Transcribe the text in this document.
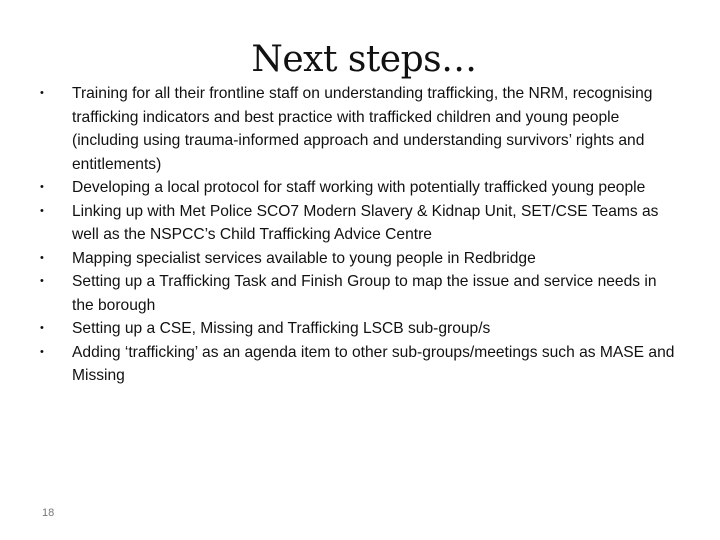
Next steps…
•	Training for all their frontline staff on understanding trafficking, the NRM, recognising trafficking indicators and best practice with trafficked children and young people (including using trauma-informed approach and understanding survivors’ rights and entitlements)
•	Developing a local protocol for staff working with potentially trafficked young people
•	Linking up with Met Police SCO7 Modern Slavery & Kidnap Unit, SET/CSE Teams as well as the NSPCC’s Child Trafficking Advice Centre
•	Mapping specialist services available to young people in Redbridge
•	Setting up a Trafficking Task and Finish Group to map the issue and service needs in the borough
•	Setting up a CSE, Missing and Trafficking LSCB sub-group/s
•	Adding ‘trafficking’ as an agenda item to other sub-groups/meetings such as MASE and Missing
18
